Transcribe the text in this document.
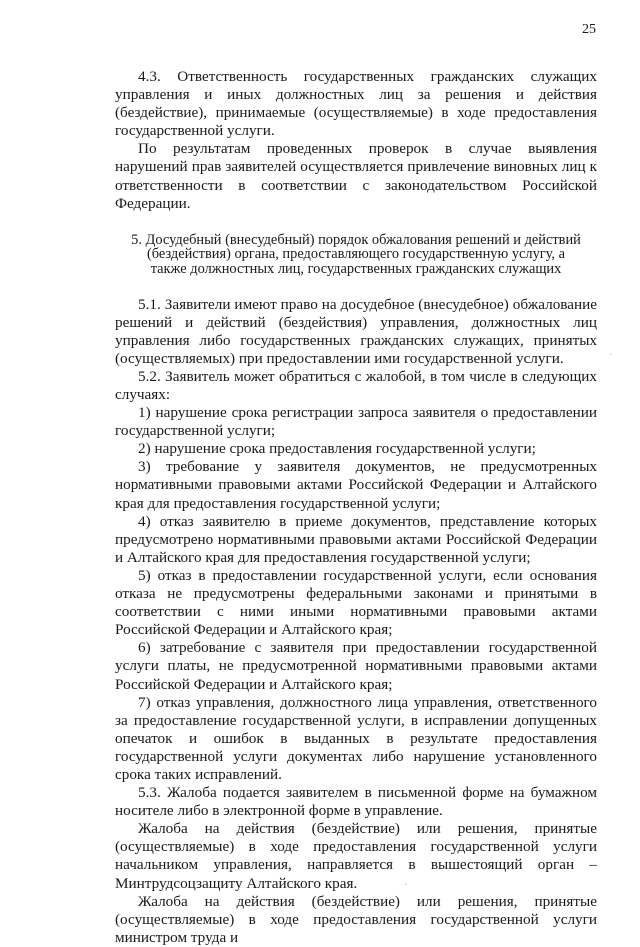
25

4.3. Ответственность государственных гражданских служащих управления и иных должностных лиц за решения и действия (бездействие), принимаемые (осуществляемые) в ходе предоставления государственной услуги.

По результатам проведенных проверок в случае выявления нарушений прав заявителей осуществляется привлечение виновных лиц к ответственности в соответствии с законодательством Российской Федерации.

5. Досудебный (внесудебный) порядок обжалования решений и действий (бездействия) органа, предоставляющего государственную услугу, а также должностных лиц, государственных гражданских служащих

5.1. Заявители имеют право на досудебное (внесудебное) обжалование решений и действий (бездействия) управления, должностных лиц управления либо государственных гражданских служащих, принятых (осуществляемых) при предоставлении ими государственной услуги.

5.2. Заявитель может обратиться с жалобой, в том числе в следующих случаях:

1) нарушение срока регистрации запроса заявителя о предоставлении государственной услуги;

2) нарушение срока предоставления государственной услуги;

3) требование у заявителя документов, не предусмотренных нормативными правовыми актами Российской Федерации и Алтайского края для предоставления государственной услуги;

4) отказ заявителю в приеме документов, представление которых предусмотрено нормативными правовыми актами Российской Федерации и Алтайского края для предоставления государственной услуги;

5) отказ в предоставлении государственной услуги, если основания отказа не предусмотрены федеральными законами и принятыми в соответствии с ними иными нормативными правовыми актами Российской Федерации и Алтайского края;

6) затребование с заявителя при предоставлении государственной услуги платы, не предусмотренной нормативными правовыми актами Российской Федерации и Алтайского края;

7) отказ управления, должностного лица управления, ответственного за предоставление государственной услуги, в исправлении допущенных опечаток и ошибок в выданных в результате предоставления государственной услуги документах либо нарушение установленного срока таких исправлений.

5.3. Жалоба подается заявителем в письменной форме на бумажном носителе либо в электронной форме в управление.

Жалоба на действия (бездействие) или решения, принятые (осуществляемые) в ходе предоставления государственной услуги начальником управления, направляется в вышестоящий орган – Минтрудсоцзащиту Алтайского края.

Жалоба на действия (бездействие) или решения, принятые (осуществляемые) в ходе предоставления государственной услуги министром труда и

·
·
